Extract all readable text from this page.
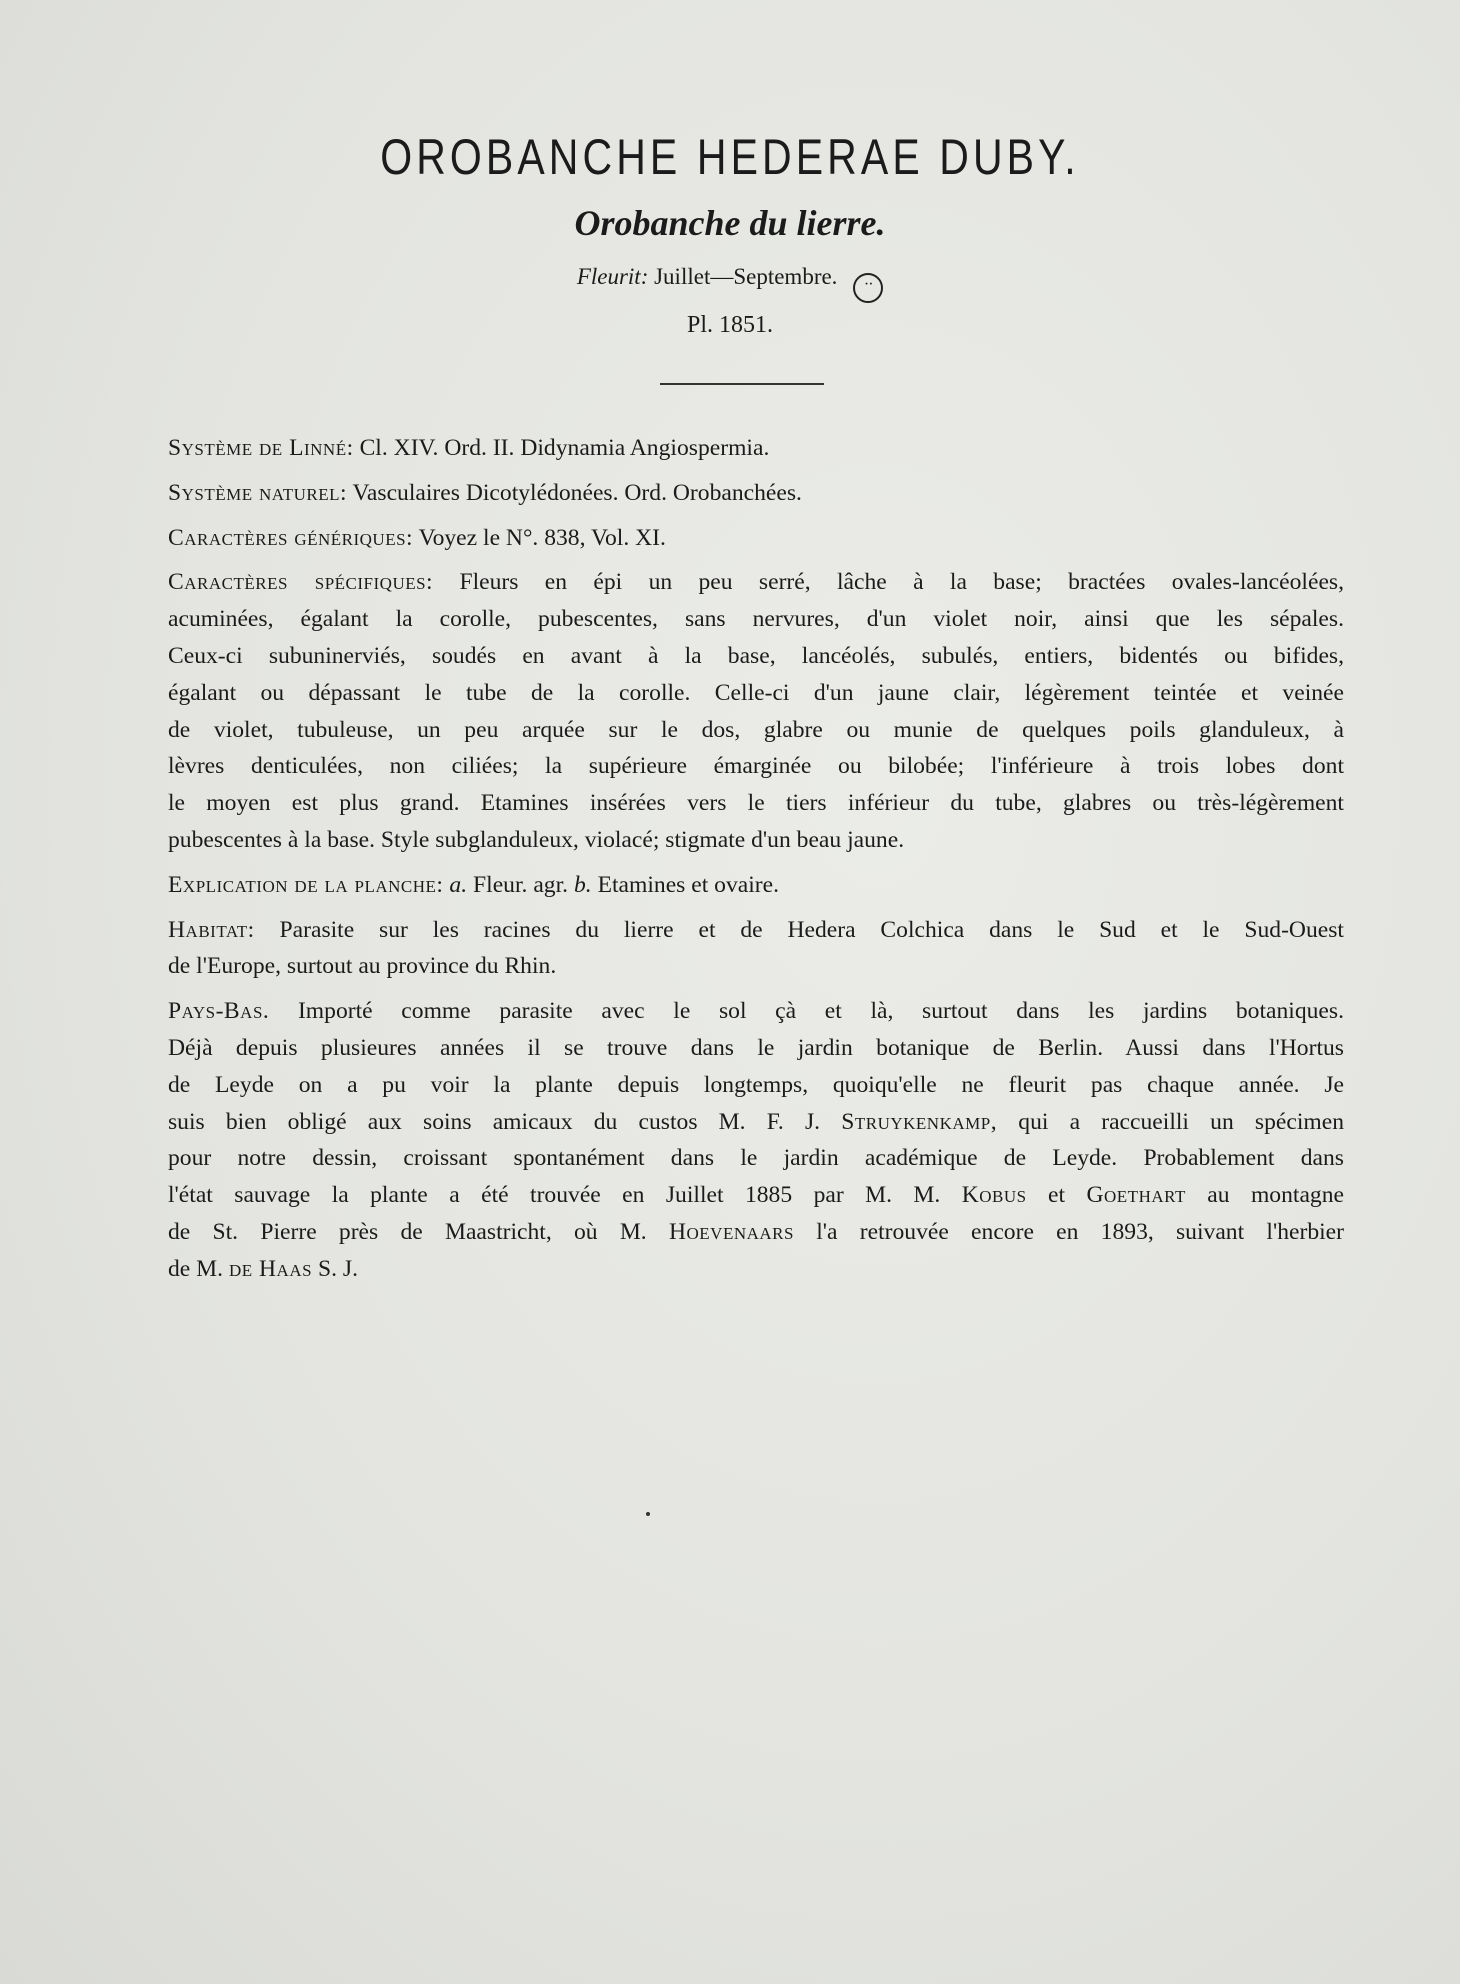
OROBANCHE HEDERAE DUBY.
Orobanche du lierre.
Fleurit: Juillet—Septembre. ··
Pl. 1851.

Système de Linné: Cl. XIV. Ord. II. Didynamia Angiospermia.

Système naturel: Vasculaires Dicotylédonées. Ord. Orobanchées.

Caractères génériques: Voyez le N°. 838, Vol. XI.

Caractères spécifiques: Fleurs en épi un peu serré, lâche à la base; bractées ovales-lancéolées,
acuminées, égalant la corolle, pubescentes, sans nervures, d'un violet noir, ainsi que les sépales.
Ceux-ci subuninerviés, soudés en avant à la base, lancéolés, subulés, entiers, bidentés ou bifides,
égalant ou dépassant le tube de la corolle. Celle-ci d'un jaune clair, légèrement teintée et veinée
de violet, tubuleuse, un peu arquée sur le dos, glabre ou munie de quelques poils glanduleux, à
lèvres denticulées, non ciliées; la supérieure émarginée ou bilobée; l'inférieure à trois lobes dont
le moyen est plus grand. Etamines insérées vers le tiers inférieur du tube, glabres ou très-légèrement
pubescentes à la base. Style subglanduleux, violacé; stigmate d'un beau jaune.

Explication de la planche: a. Fleur. agr. b. Etamines et ovaire.

Habitat: Parasite sur les racines du lierre et de Hedera Colchica dans le Sud et le Sud-Ouest
de l'Europe, surtout au province du Rhin.
Pays-Bas. Importé comme parasite avec le sol çà et là, surtout dans les jardins botaniques.
Déjà depuis plusieures années il se trouve dans le jardin botanique de Berlin. Aussi dans l'Hortus
de Leyde on a pu voir la plante depuis longtemps, quoiqu'elle ne fleurit pas chaque année. Je
suis bien obligé aux soins amicaux du custos M. F. J. Struykenkamp, qui a raccueilli un spécimen
pour notre dessin, croissant spontanément dans le jardin académique de Leyde. Probablement dans
l'état sauvage la plante a été trouvée en Juillet 1885 par M. M. Kobus et Goethart au montagne
de St. Pierre près de Maastricht, où M. Hoevenaars l'a retrouvée encore en 1893, suivant l'herbier
de M. de Haas S. J.
